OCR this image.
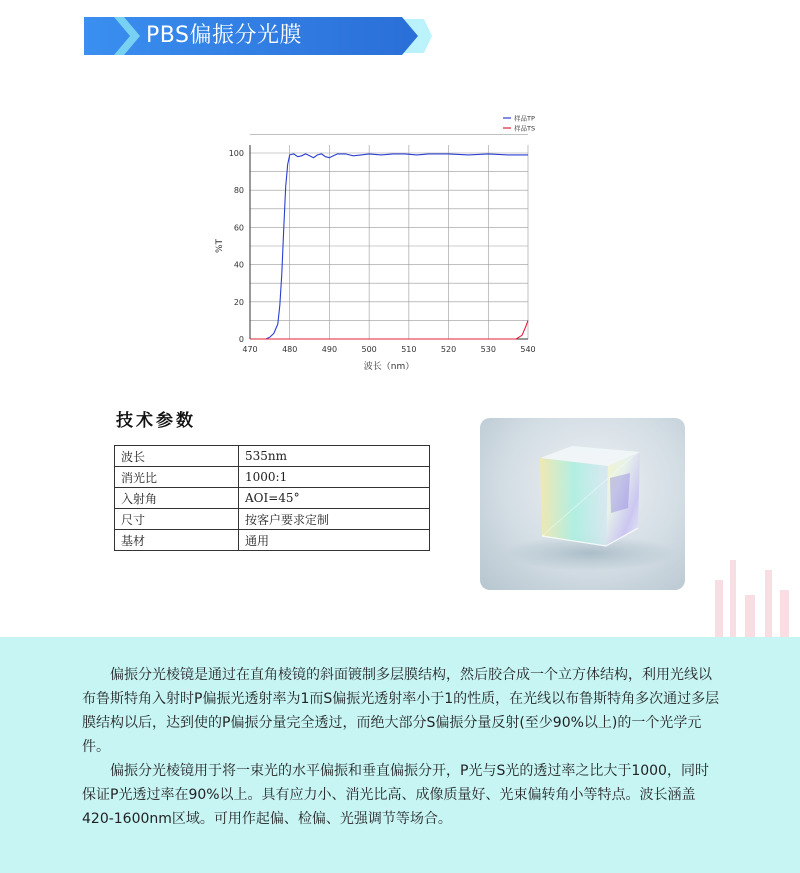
PBS偏振分光膜
470	480	490	500	510	520	530	540
0
20
40
60
80
100
波长（nm）
%T
样品TP
样品TS
技术参数
波长	535nm
消光比	1000:1
入射角	AOI=45°
尺寸	按客户要求定制
基材	通用

偏振分光棱镜是通过在直角棱镜的斜面镀制多层膜结构，然后胶合成一个立方体结构，利用光线以布鲁斯特角入射时P偏振光透射率为1而S偏振光透射率小于1的性质，在光线以布鲁斯特角多次通过多层膜结构以后，达到使的P偏振分量完全透过，而绝大部分S偏振分量反射(至少90%以上)的一个光学元件。

偏振分光棱镜用于将一束光的水平偏振和垂直偏振分开，P光与S光的透过率之比大于1000，同时保证P光透过率在90%以上。具有应力小、消光比高、成像质量好、光束偏转角小等特点。波长涵盖420-1600nm区域。可用作起偏、检偏、光强调节等场合。
